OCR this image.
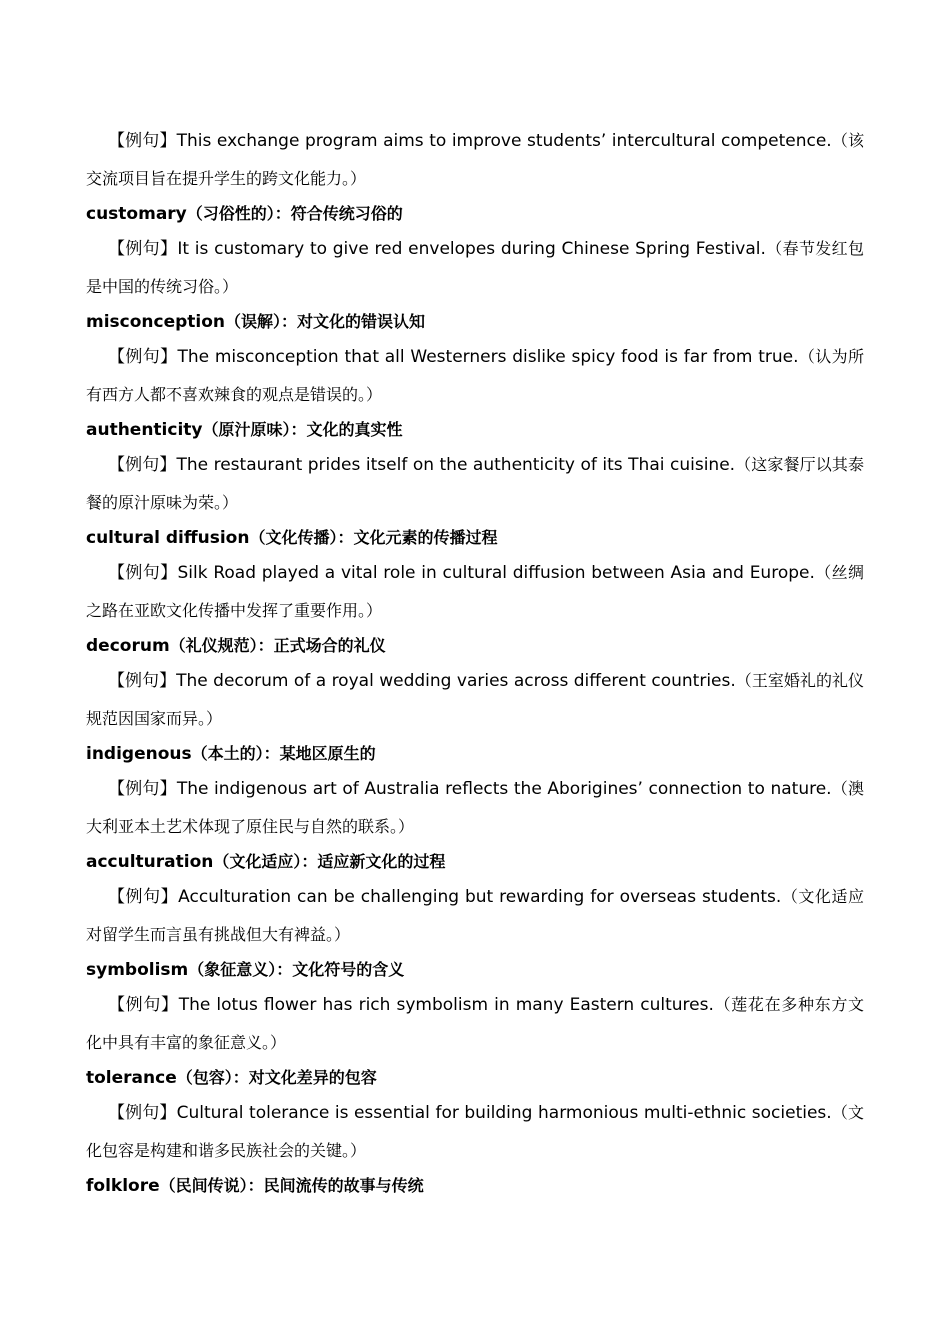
【例句】This exchange program aims to improve students’ intercultural competence.（该交流项目旨在提升学生的跨文化能力。）

customary（习俗性的）：符合传统习俗的

【例句】It is customary to give red envelopes during Chinese Spring Festival.（春节发红包是中国的传统习俗。）

misconception（误解）：对文化的错误认知

【例句】The misconception that all Westerners dislike spicy food is far from true.（认为所有西方人都不喜欢辣食的观点是错误的。）

authenticity（原汁原味）：文化的真实性

【例句】The restaurant prides itself on the authenticity of its Thai cuisine.（这家餐厅以其泰餐的原汁原味为荣。）

cultural diffusion（文化传播）：文化元素的传播过程

【例句】Silk Road played a vital role in cultural diffusion between Asia and Europe.（丝绸之路在亚欧文化传播中发挥了重要作用。）

decorum（礼仪规范）：正式场合的礼仪

【例句】The decorum of a royal wedding varies across different countries.（王室婚礼的礼仪规范因国家而异。）

indigenous（本土的）：某地区原生的

【例句】The indigenous art of Australia reflects the Aborigines’ connection to nature.（澳大利亚本土艺术体现了原住民与自然的联系。）

acculturation（文化适应）：适应新文化的过程

【例句】Acculturation can be challenging but rewarding for overseas students.（文化适应对留学生而言虽有挑战但大有裨益。）

symbolism（象征意义）：文化符号的含义

【例句】The lotus flower has rich symbolism in many Eastern cultures.（莲花在多种东方文化中具有丰富的象征意义。）

tolerance（包容）：对文化差异的包容

【例句】Cultural tolerance is essential for building harmonious multi-ethnic societies.（文化包容是构建和谐多民族社会的关键。）

folklore（民间传说）：民间流传的故事与传统
